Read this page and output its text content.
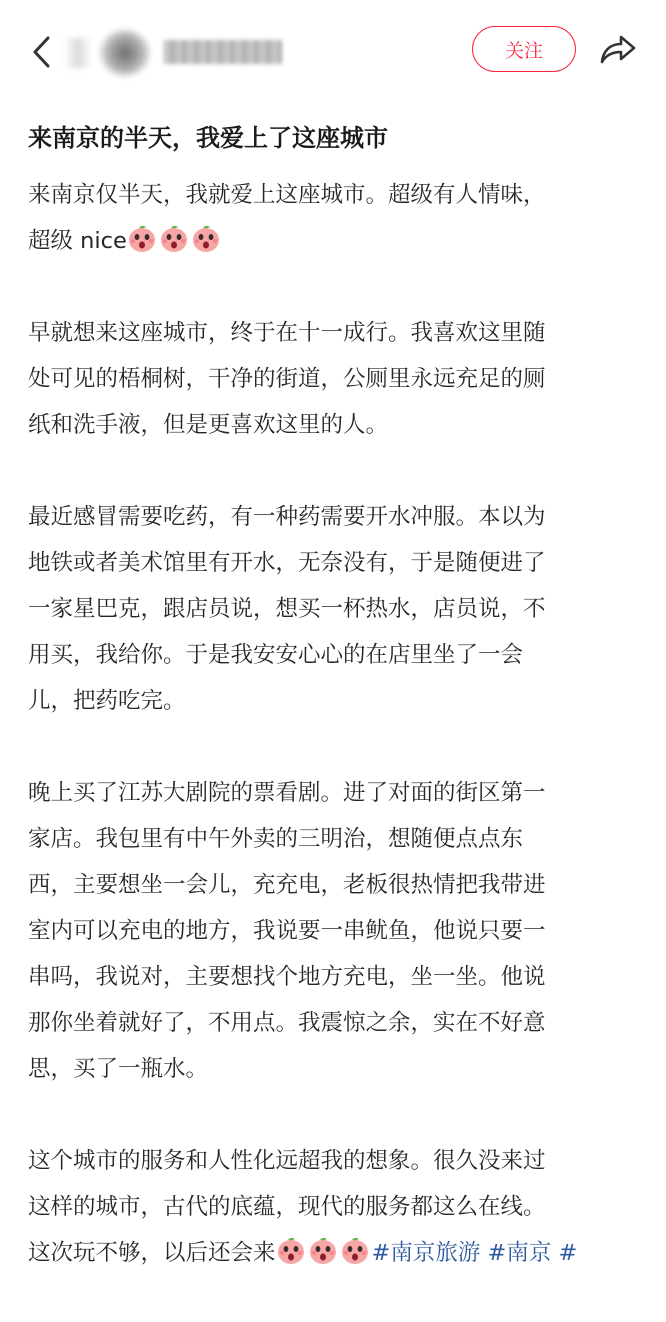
关注
来南京的半天，我爱上了这座城市
来南京仅半天，我就爱上这座城市。超级有人情味，
超级 nice
早就想来这座城市，终于在十一成行。我喜欢这里随
处可见的梧桐树，干净的街道，公厕里永远充足的厕
纸和洗手液，但是更喜欢这里的人。
最近感冒需要吃药，有一种药需要开水冲服。本以为
地铁或者美术馆里有开水，无奈没有，于是随便进了
一家星巴克，跟店员说，想买一杯热水，店员说，不
用买，我给你。于是我安安心心的在店里坐了一会
儿，把药吃完。
晚上买了江苏大剧院的票看剧。进了对面的街区第一
家店。我包里有中午外卖的三明治，想随便点点东
西，主要想坐一会儿，充充电，老板很热情把我带进
室内可以充电的地方，我说要一串鱿鱼，他说只要一
串吗，我说对，主要想找个地方充电，坐一坐。他说
那你坐着就好了，不用点。我震惊之余，实在不好意
思，买了一瓶水。
这个城市的服务和人性化远超我的想象。很久没来过
这样的城市，古代的底蕴，现代的服务都这么在线。
这次玩不够，以后还会来	#南京旅游 #南京 #
